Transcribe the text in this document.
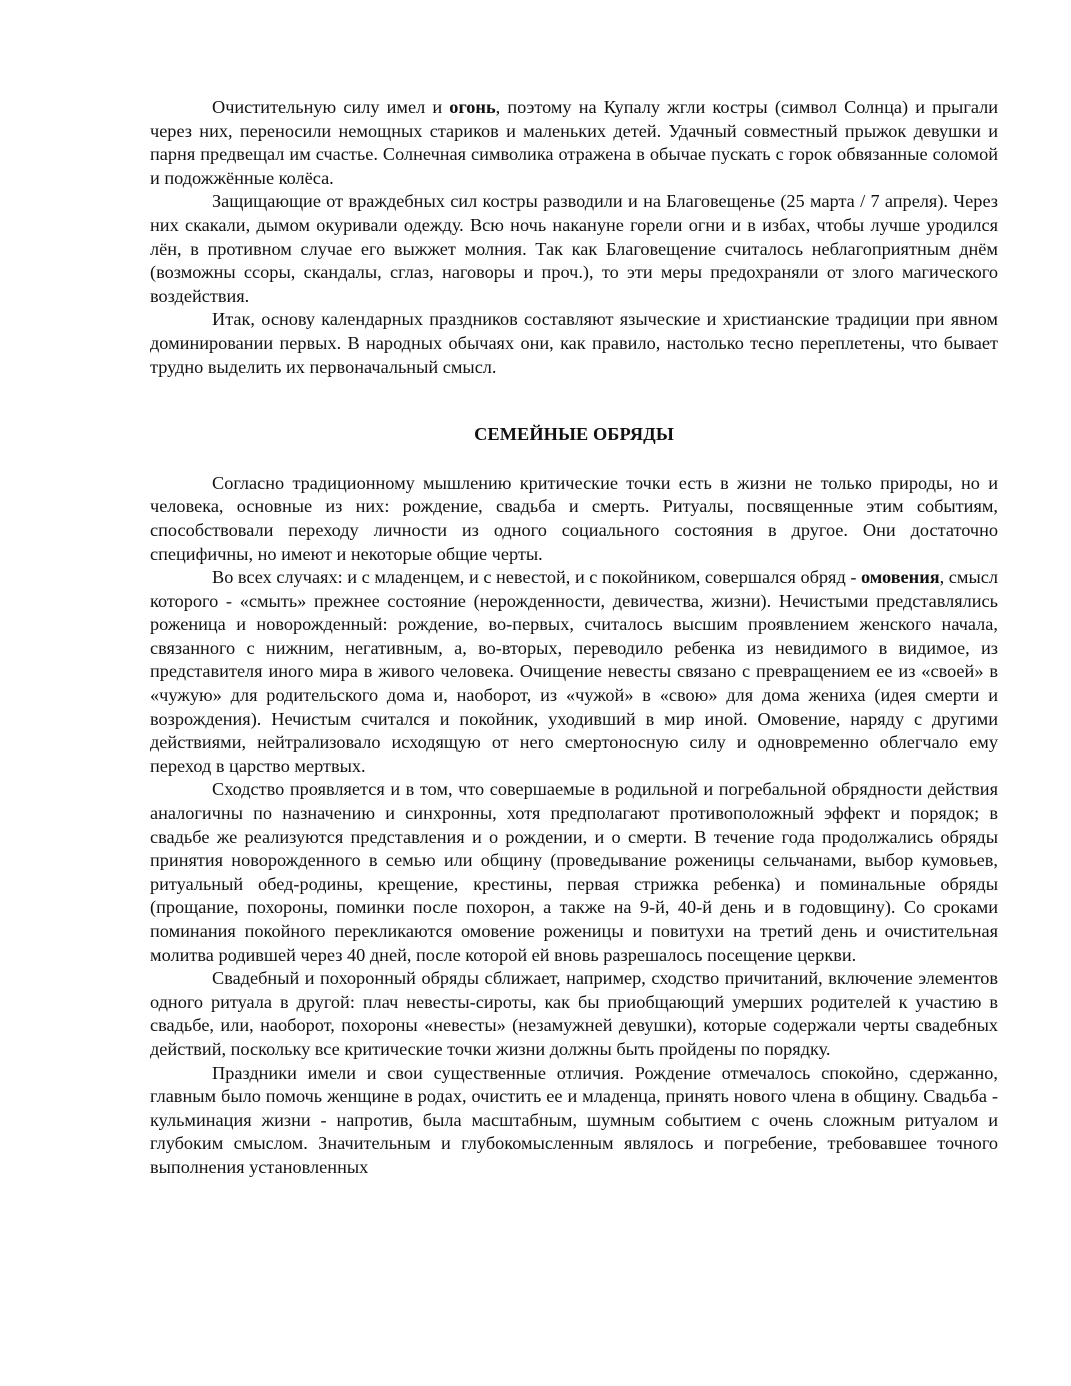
Очистительную силу имел и огонь, поэтому на Купалу жгли костры (символ Солнца) и прыгали через них, переносили немощных стариков и маленьких детей. Удачный совместный прыжок девушки и парня предвещал им счастье. Солнечная символика отражена в обычае пускать с горок обвязанные соломой и подожжённые колёса.

Защищающие от враждебных сил костры разводили и на Благовещенье (25 марта / 7 апреля). Через них скакали, дымом окуривали одежду. Всю ночь накануне горели огни и в избах, чтобы лучше уродился лён, в противном случае его выжжет молния. Так как Благовещение считалось неблагоприятным днём (возможны ссоры, скандалы, сглаз, наговоры и проч.), то эти меры предохраняли от злого магического воздействия.

Итак, основу календарных праздников составляют языческие и христианские традиции при явном доминировании первых. В народных обычаях они, как правило, настолько тесно переплетены, что бывает трудно выделить их первоначальный смысл.

СЕМЕЙНЫЕ ОБРЯДЫ

Согласно традиционному мышлению критические точки есть в жизни не только природы, но и человека, основные из них: рождение, свадьба и смерть. Ритуалы, посвященные этим событиям, способствовали переходу личности из одного социального состояния в другое. Они достаточно специфичны, но имеют и некоторые общие черты.

Во всех случаях: и с младенцем, и с невестой, и с покойником, совершался обряд - омовения, смысл которого - «смыть» прежнее состояние (нерожденности, девичества, жизни). Нечистыми представлялись роженица и новорожденный: рождение, во-первых, считалось высшим проявлением женского начала, связанного с нижним, негативным, а, во-вторых, переводило ребенка из невидимого в видимое, из представителя иного мира в живого человека. Очищение невесты связано с превращением ее из «своей» в «чужую» для родительского дома и, наоборот, из «чужой» в «свою» для дома жениха (идея смерти и возрождения). Нечистым считался и покойник, уходивший в мир иной. Омовение, наряду с другими действиями, нейтрализовало исходящую от него смертоносную силу и одновременно облегчало ему переход в царство мертвых.

Сходство проявляется и в том, что совершаемые в родильной и погребальной обрядности действия аналогичны по назначению и синхронны, хотя предполагают противоположный эффект и порядок; в свадьбе же реализуются представления и о рождении, и о смерти. В течение года продолжались обряды принятия новорожденного в семью или общину (проведывание роженицы сельчанами, выбор кумовьев, ритуальный обед-родины, крещение, крестины, первая стрижка ребенка) и поминальные обряды (прощание, похороны, поминки после похорон, а также на 9-й, 40-й день и в годовщину). Со сроками поминания покойного перекликаются омовение роженицы и повитухи на третий день и очистительная молитва родившей через 40 дней, после которой ей вновь разрешалось посещение церкви.

Свадебный и похоронный обряды сближает, например, сходство причитаний, включение элементов одного ритуала в другой: плач невесты-сироты, как бы приобщающий умерших родителей к участию в свадьбе, или, наоборот, похороны «невесты» (незамужней девушки), которые содержали черты свадебных действий, поскольку все критические точки жизни должны быть пройдены по порядку.

Праздники имели и свои существенные отличия. Рождение отмечалось спокойно, сдержанно, главным было помочь женщине в родах, очистить ее и младенца, принять нового члена в общину. Свадьба - кульминация жизни - напротив, была масштабным, шумным событием с очень сложным ритуалом и глубоким смыслом. Значительным и глубокомысленным являлось и погребение, требовавшее точного выполнения установленных
